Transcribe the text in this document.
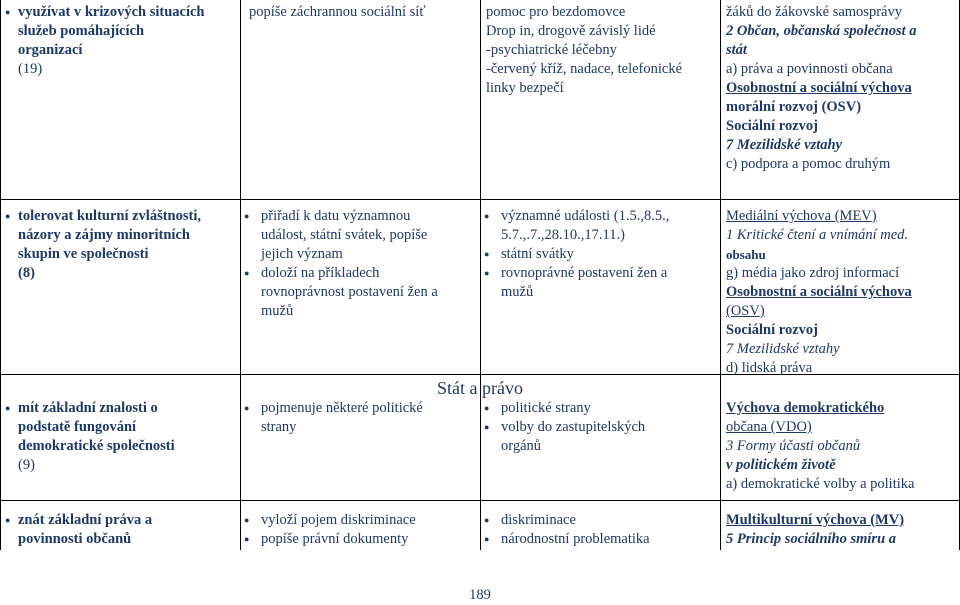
● využívat v krizových situacích
služeb pomáhajících
organizací
(19)
popíše záchrannou sociální síť	pomoc pro bezdomovce
Drop in, drogově závislý lidé
-psychiatrické léčebny
-červený kříž, nadace, telefonické
linky bezpečí
žáků do žákovské samosprávy
2 Občan, občanská společnost a
stát
a) práva a povinnosti občana
Osobnostní a sociální výchova
morální rozvoj (OSV)
Sociální rozvoj
7 Mezilidské vztahy
c) podpora a pomoc druhým
● tolerovat kulturní zvláštnosti,
názory a zájmy minoritních
skupin ve společnosti
(8)
● přiřadí k datu významnou
událost, státní svátek, popíše
jejich význam
● doloží na příkladech
rovnoprávnost postavení žen a
mužů
● významné události (1.5.,8.5.,
5.7.,.7.,28.10.,17.11.)
● státní svátky
● rovnoprávné postavení žen a
mužů
Mediální výchova (MEV)
1 Kritické čtení a vnímání med.
obsahu
g) média jako zdroj informací
Osobnostní a sociální výchova
(OSV)
Sociální rozvoj
7 Mezilidské vztahy
d) lidská práva
Stát a právo
● mít základní znalosti o
podstatě fungování
demokratické společnosti
(9)
● pojmenuje některé politické
strany
● politické strany
● volby do zastupitelských
orgánů
Výchova demokratického
občana (VDO)
3 Formy účasti občanů
v politickém životě
a) demokratické volby a politika
● znát základní práva a
povinnosti občanů
● vyloží pojem diskriminace
● popíše právní dokumenty
● diskriminace
● národnostní problematika
Multikulturní výchova (MV)
5 Princip sociálního smíru a
189
